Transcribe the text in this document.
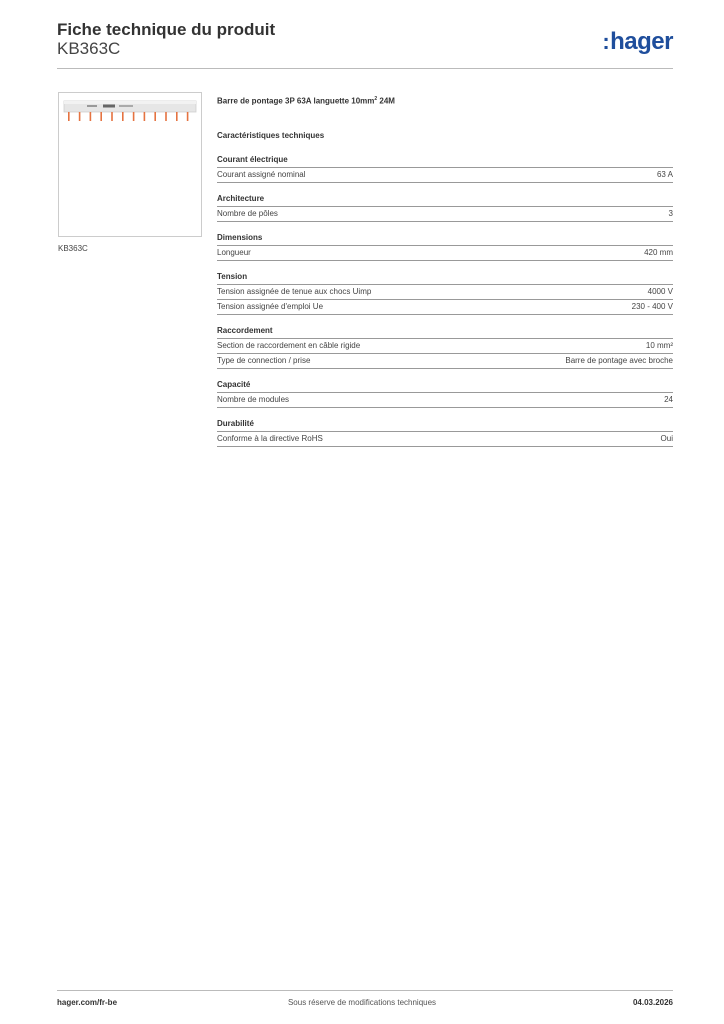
Fiche technique du produit
KB363C	:hager
KB363C
Barre de pontage 3P 63A languette $10mm^2$ 24M
Caractéristiques techniques
Courant électrique
Courant assigné nominal	63 A
Architecture
Nombre de pôles	3
Dimensions
Longueur	420 mm
Tension
Tension assignée de tenue aux chocs Uimp	4000 V
Tension assignée d'emploi Ue	230 - 400 V
Raccordement
Section de raccordement en câble rigide	10 mm²
Type de connection / prise	Barre de pontage avec broche
Capacité
Nombre de modules	24
Durabilité
Conforme à la directive RoHS	Oui
hager.com/fr-be	Sous réserve de modifications techniques	04.03.2026
